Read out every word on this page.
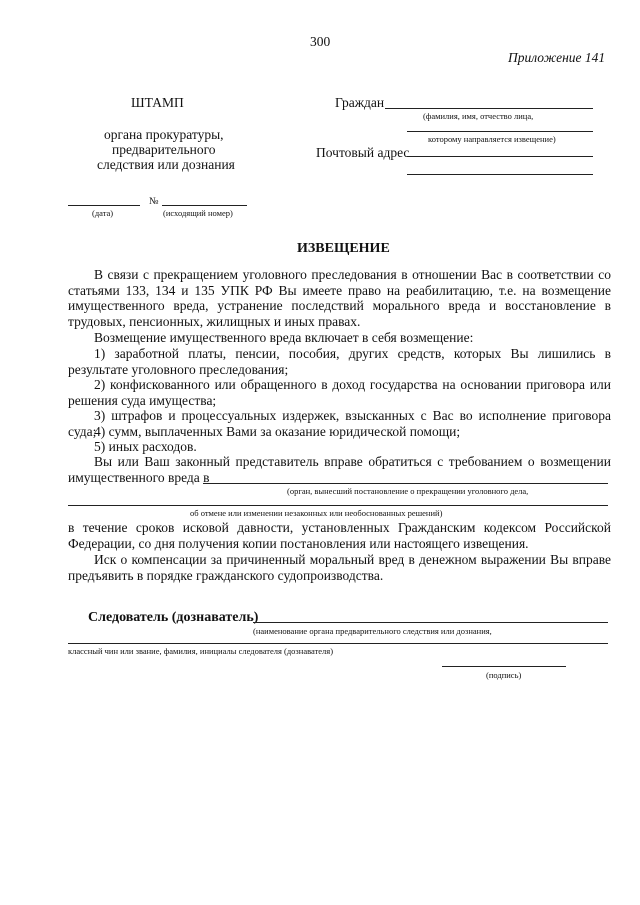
300
Приложение 141
ШТАМП
органа прокуратуры,
предварительного
следствия или дознания
Граждан
(фамилия, имя, отчество лица,
которому направляется извещение)
Почтовый адрес
№
(дата)	(исходящий номер)
ИЗВЕЩЕНИЕ
В связи с прекращением уголовного преследования в отношении Вас в соответствии со статьями 133, 134 и 135 УПК РФ Вы имеете право на реабилитацию, т.е. на возмещение имущественного вреда, устранение последствий морального вреда и восстановление в трудовых, пенсионных, жилищных и иных правах.
Возмещение имущественного вреда включает в себя возмещение:
1) заработной платы, пенсии, пособия, других средств, которых Вы лишились в результате уголовного преследования;
2) конфискованного или обращенного в доход государства на основании приговора или решения суда имущества;
3) штрафов и процессуальных издержек, взысканных с Вас во исполнение приговора суда;
4) сумм, выплаченных Вами за оказание юридической помощи;
5) иных расходов.
Вы или Ваш законный представитель вправе обратиться с требованием о возмещении
имущественного вреда в
(орган, вынесший постановление о прекращении уголовного дела,
об отмене или изменении незаконных или необоснованных решений)
в течение сроков исковой давности, установленных Гражданским кодексом Российской Федерации, со дня получения копии постановления или настоящего извещения.
Иск о компенсации за причиненный моральный вред в денежном выражении Вы вправе предъявить в порядке гражданского судопроизводства.
Следователь (дознаватель)
(наименование органа предварительного следствия или дознания,
классный чин или звание, фамилия, инициалы следователя (дознавателя)
(подпись)
